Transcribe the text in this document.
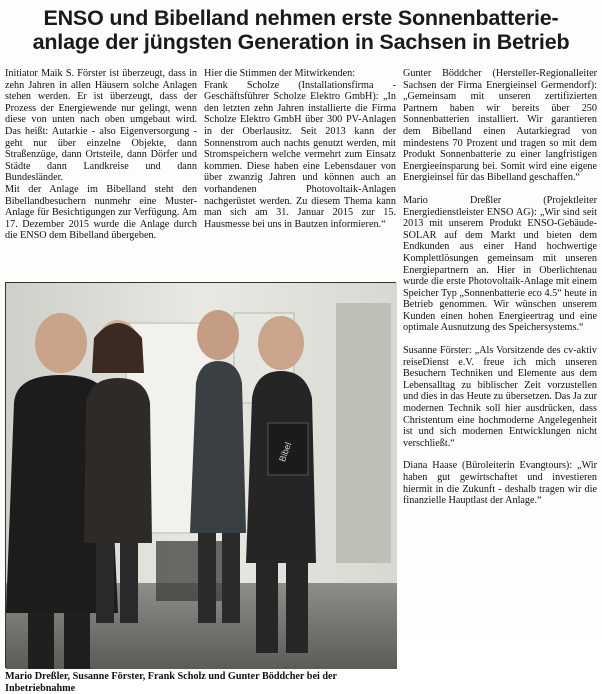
ENSO und Bibelland nehmen erste Sonnenbatterie-
anlage der jüngsten Generation in Sachsen in Betrieb

Initiator Maik S. Förster ist überzeugt, dass in zehn Jahren in allen Häusern solche Anlagen stehen werden. Er ist überzeugt, dass der Prozess der Energiewende nur gelingt, wenn diese von unten nach oben umgebaut wird. Das heißt: Autarkie - also Eigenversorgung - geht nur über einzelne Objekte, dann Straßenzüge, dann Ortsteile, dann Dörfer und Städte dann Landkreise und dann Bundesländer.

Mit der Anlage im Bibelland steht den Bibellandbesuchern nunmehr eine Muster-Anlage für Besichtigungen zur Verfügung. Am 17. Dezember 2015 wurde die Anlage durch die ENSO dem Bibelland übergeben.

Hier die Stimmen der Mitwirkenden:

Frank Scholze (Installationsfirma - Geschäftsführer Scholze Elektro GmbH): „In den letzten zehn Jahren installierte die Firma Scholze Elektro GmbH über 300 PV-Anlagen in der Oberlausitz. Seit 2013 kann der Sonnenstrom auch nachts genutzt werden, mit Stromspeichern welche vermehrt zum Einsatz kommen. Diese haben eine Lebensdauer von über zwanzig Jahren und können auch an vorhandenen Photovoltaik-Anlagen nachgerüstet werden. Zu diesem Thema kann man sich am 31. Januar 2015 zur 15. Hausmesse bei uns in Bautzen informieren.“

Gunter Böddcher (Hersteller-Regionalleiter Sachsen der Firma Energieinsel Germendorf): „Gemeinsam mit unseren zertifizierten Partnern haben wir bereits über 250 Sonnenbatterien installiert. Wir garantieren dem Bibelland einen Autarkiegrad von mindestens 70 Prozent und tragen so mit dem Produkt Sonnenbatterie zu einer langfristigen Energieeinsparung bei. Somit wird eine eigene Energieinsel für das Bibelland geschaffen.“

Mario Dreßler (Projektleiter Energiedienstleister ENSO AG): „Wir sind seit 2013 mit unserem Produkt ENSO-Gebäude-SOLAR auf dem Markt und bieten dem Endkunden aus einer Hand hochwertige Komplettlösungen gemeinsam mit unseren Energiepartnern an. Hier in Oberlichtenau wurde die erste Photovoltaik-Anlage mit einem Speicher Typ „Sonnenbatterie eco 4.5“ heute in Betrieb genommen. Wir wünschen unserem Kunden einen hohen Energieertrag und eine optimale Ausnutzung des Speichersystems.“

Susanne Förster: „Als Vorsitzende des cv-aktiv reiseDienst e.V. freue ich mich unseren Besuchern Techniken und Elemente aus dem Lebensalltag zu biblischer Zeit vorzustellen und dies in das Heute zu übersetzen. Das Ja zur modernen Technik soll hier ausdrücken, dass Christentum eine hochmoderne Angelegenheit ist und sich modernen Entwicklungen nicht verschließt.“

Diana Haase (Büroleiterin Evangtours): „Wir haben gut gewirtschaftet und investieren hiermit in die Zukunft - deshalb tragen wir die finanzielle Hauptlast der Anlage.“

Bibel

Mario Dreßler, Susanne Förster, Frank Scholz und Gunter Böddcher bei der Inbetriebnahme
